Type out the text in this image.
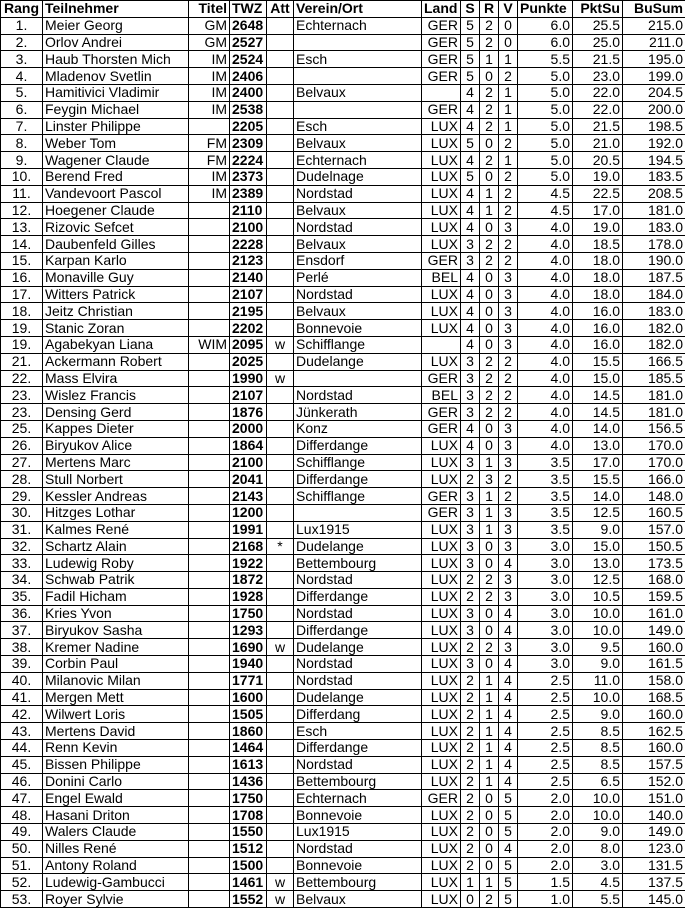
Rang	Teilnehmer	Titel	TWZ	Att	Verein/Ort	Land	S	R	V	Punkte	PktSu	BuSum
1.	Meier Georg	GM	2648		Echternach	GER	5	2	0	6.0	25.5	215.0
2.	Orlov Andrei	GM	2527			GER	5	2	0	6.0	25.0	211.0
3.	Haub Thorsten Mich	IM	2524		Esch	GER	5	1	1	5.5	21.5	195.0
4.	Mladenov Svetlin	IM	2406			GER	5	0	2	5.0	23.0	199.0
5.	Hamitivici Vladimir	IM	2400		Belvaux		4	2	1	5.0	22.0	204.5
6.	Feygin Michael	IM	2538			GER	4	2	1	5.0	22.0	200.0
7.	Linster Philippe		2205		Esch	LUX	4	2	1	5.0	21.5	198.5
8.	Weber Tom	FM	2309		Belvaux	LUX	5	0	2	5.0	21.0	192.0
9.	Wagener Claude	FM	2224		Echternach	LUX	4	2	1	5.0	20.5	194.5
10.	Berend Fred	IM	2373		Dudelnage	LUX	5	0	2	5.0	19.0	183.5
11.	Vandevoort Pascol	IM	2389		Nordstad	LUX	4	1	2	4.5	22.5	208.5
12.	Hoegener Claude		2110		Belvaux	LUX	4	1	2	4.5	17.0	181.0
13.	Rizovic Sefcet		2100		Nordstad	LUX	4	0	3	4.0	19.0	183.0
14.	Daubenfeld Gilles		2228		Belvaux	LUX	3	2	2	4.0	18.5	178.0
15.	Karpan Karlo		2123		Ensdorf	GER	3	2	2	4.0	18.0	190.0
16.	Monaville Guy		2140		Perlé	BEL	4	0	3	4.0	18.0	187.5
17.	Witters Patrick		2107		Nordstad	LUX	4	0	3	4.0	18.0	184.0
18.	Jeitz Christian		2195		Belvaux	LUX	4	0	3	4.0	16.0	183.0
19.	Stanic Zoran		2202		Bonnevoie	LUX	4	0	3	4.0	16.0	182.0
19.	Agabekyan Liana	WIM	2095	w	Schifflange		4	0	3	4.0	16.0	182.0
21.	Ackermann Robert		2025		Dudelange	LUX	3	2	2	4.0	15.5	166.5
22.	Mass Elvira		1990	w		GER	3	2	2	4.0	15.0	185.5
23.	Wislez Francis		2107		Nordstad	BEL	3	2	2	4.0	14.5	181.0
23.	Densing Gerd		1876		Jünkerath	GER	3	2	2	4.0	14.5	181.0
25.	Kappes Dieter		2000		Konz	GER	4	0	3	4.0	14.0	156.5
26.	Biryukov Alice		1864		Differdange	LUX	4	0	3	4.0	13.0	170.0
27.	Mertens Marc		2100		Schifflange	LUX	3	1	3	3.5	17.0	170.0
28.	Stull Norbert		2041		Differdange	LUX	2	3	2	3.5	15.5	166.0
29.	Kessler Andreas		2143		Schifflange	GER	3	1	2	3.5	14.0	148.0
30.	Hitzges Lothar		1200			GER	3	1	3	3.5	12.5	160.5
31.	Kalmes René		1991		Lux1915	LUX	3	1	3	3.5	9.0	157.0
32.	Schartz Alain		2168	*	Dudelange	LUX	3	0	3	3.0	15.0	150.5
33.	Ludewig Roby		1922		Bettembourg	LUX	3	0	4	3.0	13.0	173.5
34.	Schwab Patrik		1872		Nordstad	LUX	2	2	3	3.0	12.5	168.0
35.	Fadil Hicham		1928		Differdange	LUX	2	2	3	3.0	10.5	159.5
36.	Kries Yvon		1750		Nordstad	LUX	3	0	4	3.0	10.0	161.0
37.	Biryukov Sasha		1293		Differdange	LUX	3	0	4	3.0	10.0	149.0
38.	Kremer Nadine		1690	w	Dudelange	LUX	2	2	3	3.0	9.5	160.0
39.	Corbin Paul		1940		Nordstad	LUX	3	0	4	3.0	9.0	161.5
40.	Milanovic Milan		1771		Nordstad	LUX	2	1	4	2.5	11.0	158.0
41.	Mergen Mett		1600		Dudelange	LUX	2	1	4	2.5	10.0	168.5
42.	Wilwert Loris		1505		Differdang	LUX	2	1	4	2.5	9.0	160.0
43.	Mertens David		1860		Esch	LUX	2	1	4	2.5	8.5	162.5
44.	Renn Kevin		1464		Differdange	LUX	2	1	4	2.5	8.5	160.0
45.	Bissen Philippe		1613		Nordstad	LUX	2	1	4	2.5	8.5	157.5
46.	Donini Carlo		1436		Bettembourg	LUX	2	1	4	2.5	6.5	152.0
47.	Engel Ewald		1750		Echternach	GER	2	0	5	2.0	10.0	151.0
48.	Hasani Driton		1708		Bonnevoie	LUX	2	0	5	2.0	10.0	140.0
49.	Walers Claude		1550		Lux1915	LUX	2	0	5	2.0	9.0	149.0
50.	Nilles René		1512		Nordstad	LUX	2	0	4	2.0	8.0	123.0
51.	Antony Roland		1500		Bonnevoie	LUX	2	0	5	2.0	3.0	131.5
52.	Ludewig-Gambucci		1461	w	Bettembourg	LUX	1	1	5	1.5	4.5	137.5
53.	Royer Sylvie		1552	w	Belvaux	LUX	0	2	5	1.0	5.5	145.0
